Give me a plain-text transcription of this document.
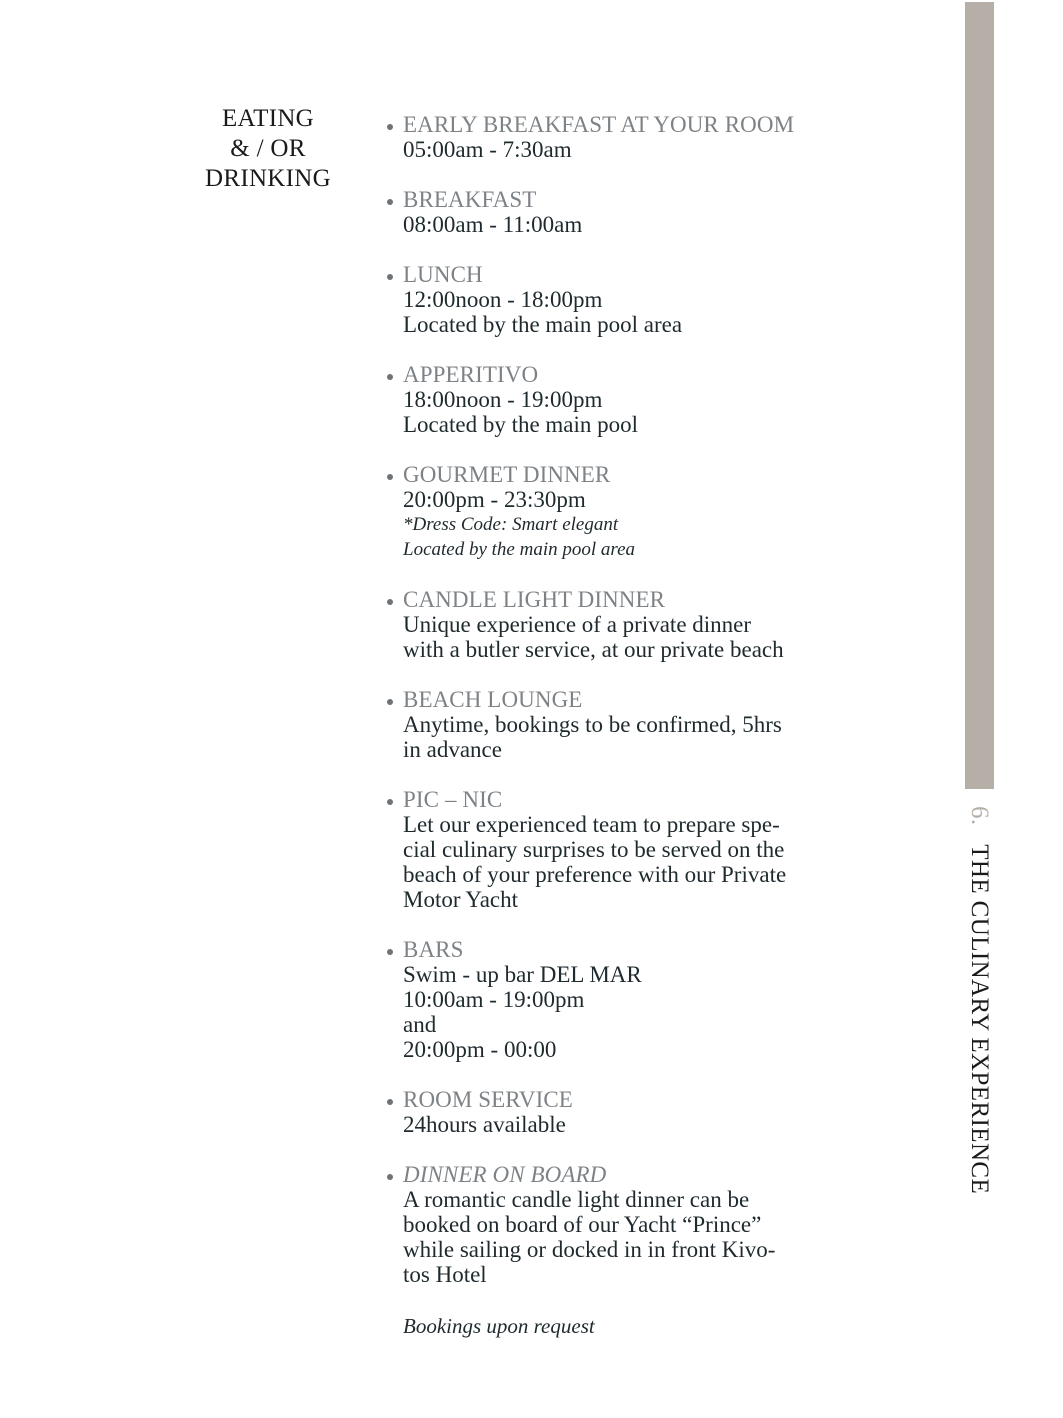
EATING
& / OR
DRINKING
EARLY BREAKFAST AT YOUR ROOM
05:00am - 7:30am
BREAKFAST
08:00am - 11:00am
LUNCH
12:00noon - 18:00pm
Located by the main pool area
APPERITIVO
18:00noon - 19:00pm
Located by the main pool
GOURMET DINNER
20:00pm - 23:30pm
*Dress Code: Smart elegant
Located by the main pool area
CANDLE LIGHT DINNER
Unique experience of a private dinner
with a butler service, at our private beach
BEACH LOUNGE
Anytime, bookings to be confirmed, 5hrs
in advance
PIC – NIC
Let our experienced team to prepare spe-
cial culinary surprises to be served on the
beach of your preference with our Private
Motor Yacht
BARS
Swim - up bar DEL MAR
10:00am - 19:00pm
and
20:00pm - 00:00
ROOM SERVICE
24hours available
DINNER ON BOARD
A romantic candle light dinner can be
booked on board of our Yacht “Prince”
while sailing or docked in in front Kivo-
tos Hotel
Bookings upon request
6. THE CULINARY EXPERIENCE
